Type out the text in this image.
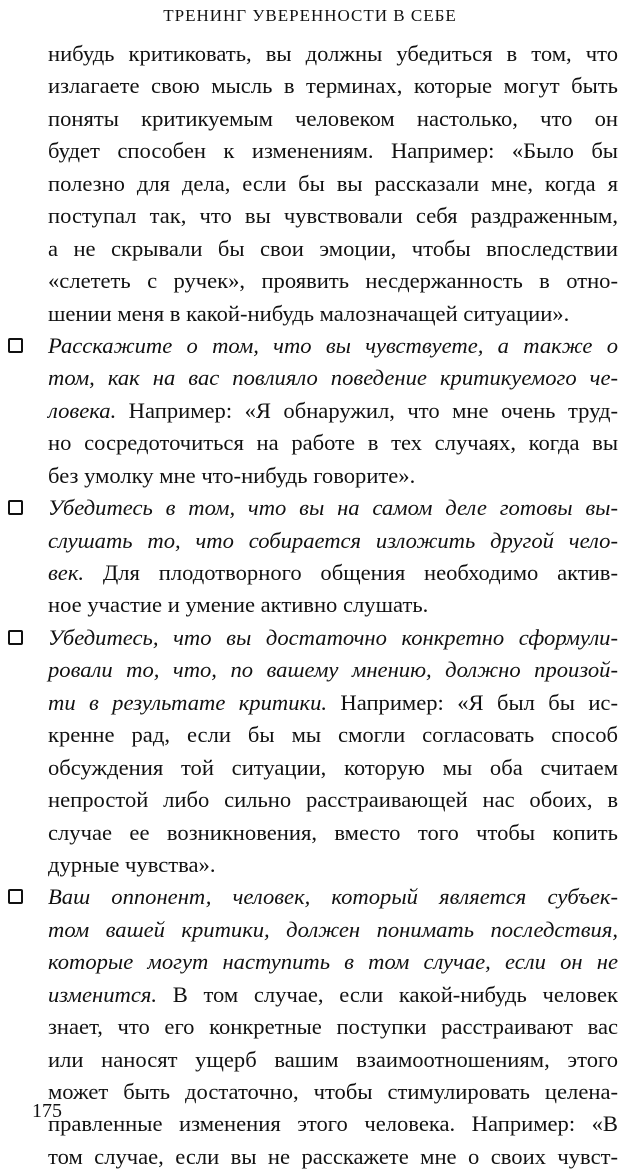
ТРЕНИНГ УВЕРЕННОСТИ В СЕБЕ
нибудь критиковать, вы должны убедиться в том, что
излагаете свою мысль в терминах, которые могут быть
поняты критикуемым человеком настолько, что он
будет способен к изменениям. Например: «Было бы
полезно для дела, если бы вы рассказали мне, когда я
поступал так, что вы чувствовали себя раздраженным,
а не скрывали бы свои эмоции, чтобы впоследствии
«слететь с ручек», проявить несдержанность в отно-
шении меня в какой-нибудь малозначащей ситуации».
Расскажите о том, что вы чувствуете, а также о
том, как на вас повлияло поведение критикуемого че-
ловека. Например: «Я обнаружил, что мне очень труд-
но сосредоточиться на работе в тех случаях, когда вы
без умолку мне что-нибудь говорите».
Убедитесь в том, что вы на самом деле готовы вы-
слушать то, что собирается изложить другой чело-
век. Для плодотворного общения необходимо актив-
ное участие и умение активно слушать.
Убедитесь, что вы достаточно конкретно сформули-
ровали то, что, по вашему мнению, должно произой-
ти в результате критики. Например: «Я был бы ис-
кренне рад, если бы мы смогли согласовать способ
обсуждения той ситуации, которую мы оба считаем
непростой либо сильно расстраивающей нас обоих, в
случае ее возникновения, вместо того чтобы копить
дурные чувства».
Ваш оппонент, человек, который является субъек-
том вашей критики, должен понимать последствия,
которые могут наступить в том случае, если он не
изменится. В том случае, если какой-нибудь человек
знает, что его конкретные поступки расстраивают вас
или наносят ущерб вашим взаимоотношениям, этого
может быть достаточно, чтобы стимулировать целена-
правленные изменения этого человека. Например: «В
том случае, если вы не расскажете мне о своих чувст-
175
